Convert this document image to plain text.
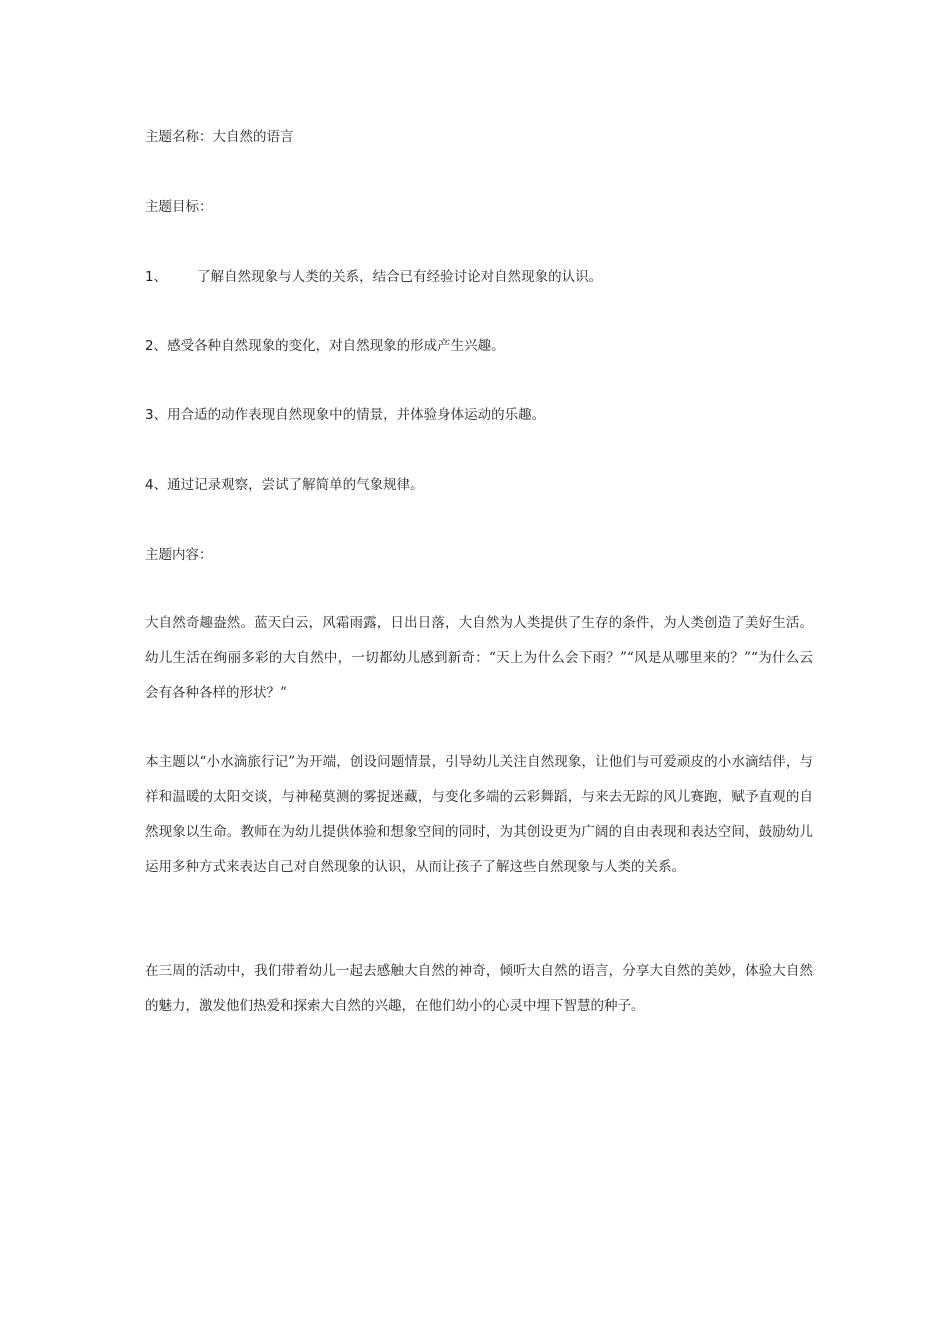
主题名称：大自然的语言
主题目标：
1、 了解自然现象与人类的关系，结合已有经验讨论对自然现象的认识。
2、感受各种自然现象的变化，对自然现象的形成产生兴趣。
3、用合适的动作表现自然现象中的情景，并体验身体运动的乐趣。
4、通过记录观察，尝试了解简单的气象规律。
主题内容：
大自然奇趣盎然。蓝天白云，风霜雨露，日出日落，大自然为人类提供了生存的条件，为人类创造了美好生活。幼儿生活在绚丽多彩的大自然中，一切都幼儿感到新奇：“天上为什么会下雨？”“风是从哪里来的？”“为什么云会有各种各样的形状？”
本主题以“小水滴旅行记”为开端，创设问题情景，引导幼儿关注自然现象，让他们与可爱顽皮的小水滴结伴，与祥和温暖的太阳交谈，与神秘莫测的雾捉迷藏，与变化多端的云彩舞蹈，与来去无踪的风儿赛跑，赋予直观的自然现象以生命。教师在为幼儿提供体验和想象空间的同时，为其创设更为广阔的自由表现和表达空间，鼓励幼儿运用多种方式来表达自己对自然现象的认识，从而让孩子了解这些自然现象与人类的关系。
在三周的活动中，我们带着幼儿一起去感触大自然的神奇，倾听大自然的语言，分享大自然的美妙，体验大自然的魅力，激发他们热爱和探索大自然的兴趣，在他们幼小的心灵中埋下智慧的种子。
